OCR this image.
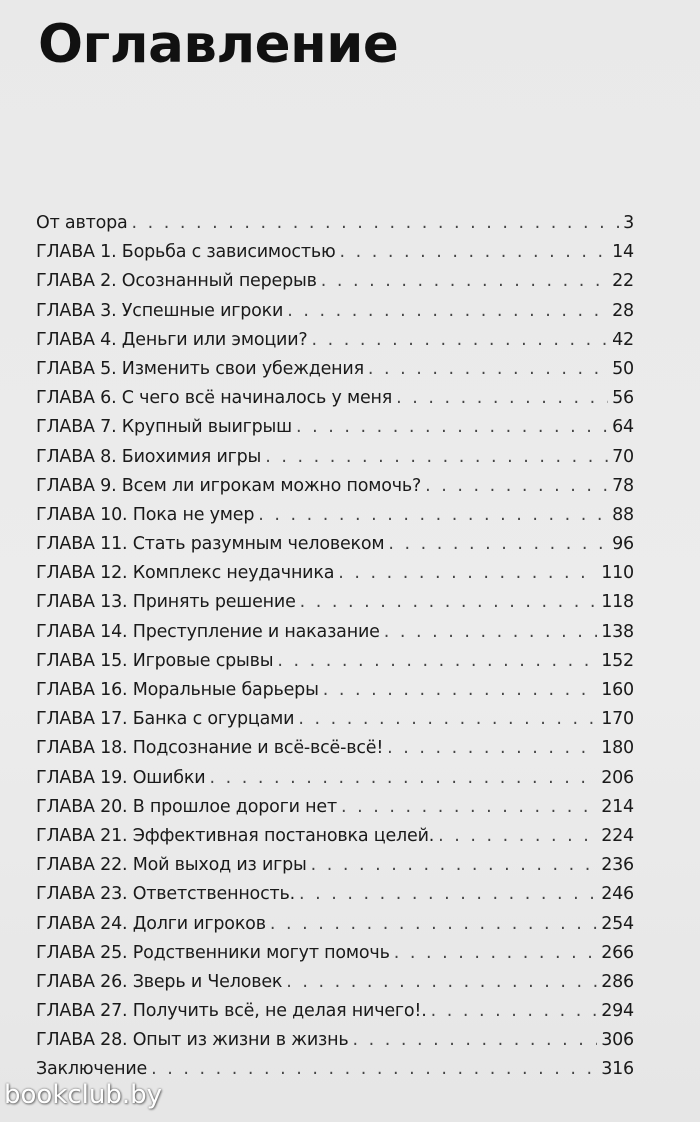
Оглавление
От автора . . .	3
ГЛАВА 1. Борьба с зависимостью . . .	14
ГЛАВА 2. Осознанный перерыв . . .	22
ГЛАВА 3. Успешные игроки . . .	28
ГЛАВА 4. Деньги или эмоции? . . .	42
ГЛАВА 5. Изменить свои убеждения . . .	50
ГЛАВА 6. С чего всё начиналось у меня . . .	56
ГЛАВА 7. Крупный выигрыш . . .	64
ГЛАВА 8. Биохимия игры . . .	70
ГЛАВА 9. Всем ли игрокам можно помочь? . . .	78
ГЛАВА 10. Пока не умер . . .	88
ГЛАВА 11. Стать разумным человеком . . .	96
ГЛАВА 12. Комплекс неудачника . . .	110
ГЛАВА 13. Принять решение . . .	118
ГЛАВА 14. Преступление и наказание . . .	138
ГЛАВА 15. Игровые срывы . . .	152
ГЛАВА 16. Моральные барьеры . . .	160
ГЛАВА 17. Банка с огурцами . . .	170
ГЛАВА 18. Подсознание и всё-всё-всё! . . .	180
ГЛАВА 19. Ошибки . . .	206
ГЛАВА 20. В прошлое дороги нет . . .	214
ГЛАВА 21. Эффективная постановка целей. . . .	224
ГЛАВА 22. Мой выход из игры . . .	236
ГЛАВА 23. Ответственность. . . .	246
ГЛАВА 24. Долги игроков . . .	254
ГЛАВА 25. Родственники могут помочь . . .	266
ГЛАВА 26. Зверь и Человек . . .	286
ГЛАВА 27. Получить всё, не делая ничего!. . . .	294
ГЛАВА 28. Опыт из жизни в жизнь . . .	306
Заключение . . .	316
bookclub.by
